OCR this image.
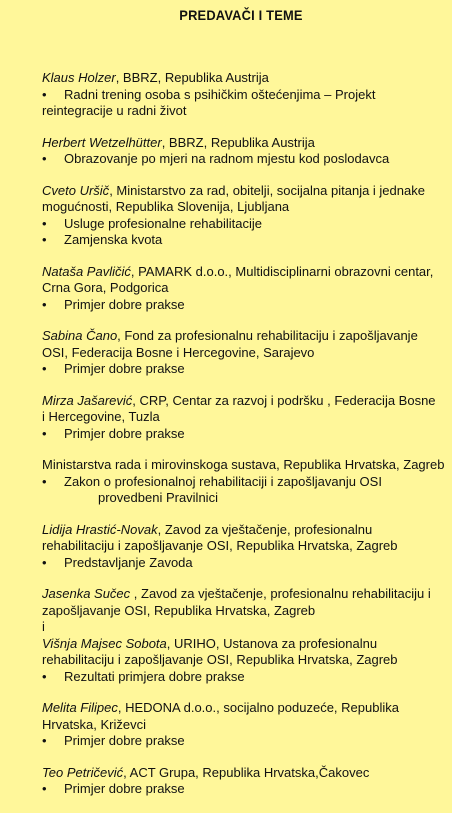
PREDAVAČI I TEME

Klaus Holzer, BBRZ, Republika Austrija

• Radni trening osoba s psihičkim oštećenjima – Projekt

reintegracije u radni život

Herbert Wetzelhütter, BBRZ, Republika Austrija

• Obrazovanje po mjeri na radnom mjestu kod poslodavca

Cveto Uršič, Ministarstvo za rad, obitelji, socijalna pitanja i jednake

mogućnosti, Republika Slovenija, Ljubljana

• Usluge profesionalne rehabilitacije

• Zamjenska kvota

Nataša Pavličić, PAMARK d.o.o., Multidisciplinarni obrazovni centar,

Crna Gora, Podgorica

• Primjer dobre prakse

Sabina Čano, Fond za profesionalnu rehabilitaciju i zapošljavanje

OSI, Federacija Bosne i Hercegovine, Sarajevo

• Primjer dobre prakse

Mirza Jašarević, CRP, Centar za razvoj i podršku , Federacija Bosne

i Hercegovine, Tuzla

• Primjer dobre prakse

Ministarstva rada i mirovinskoga sustava, Republika Hrvatska, Zagreb

• Zakon o profesionalnoj rehabilitaciji i zapošljavanju OSI

provedbeni Pravilnici

Lidija Hrastić-Novak, Zavod za vještačenje, profesionalnu

rehabilitaciju i zapošljavanje OSI, Republika Hrvatska, Zagreb

• Predstavljanje Zavoda

Jasenka Sučec , Zavod za vještačenje, profesionalnu rehabilitaciju i

zapošljavanje OSI, Republika Hrvatska, Zagreb

i

Višnja Majsec Sobota, URIHO, Ustanova za profesionalnu

rehabilitaciju i zapošljavanje OSI, Republika Hrvatska, Zagreb

• Rezultati primjera dobre prakse

Melita Filipec, HEDONA d.o.o., socijalno poduzeće, Republika

Hrvatska, Križevci

• Primjer dobre prakse

Teo Petričević, ACT Grupa, Republika Hrvatska,Čakovec

• Primjer dobre prakse
